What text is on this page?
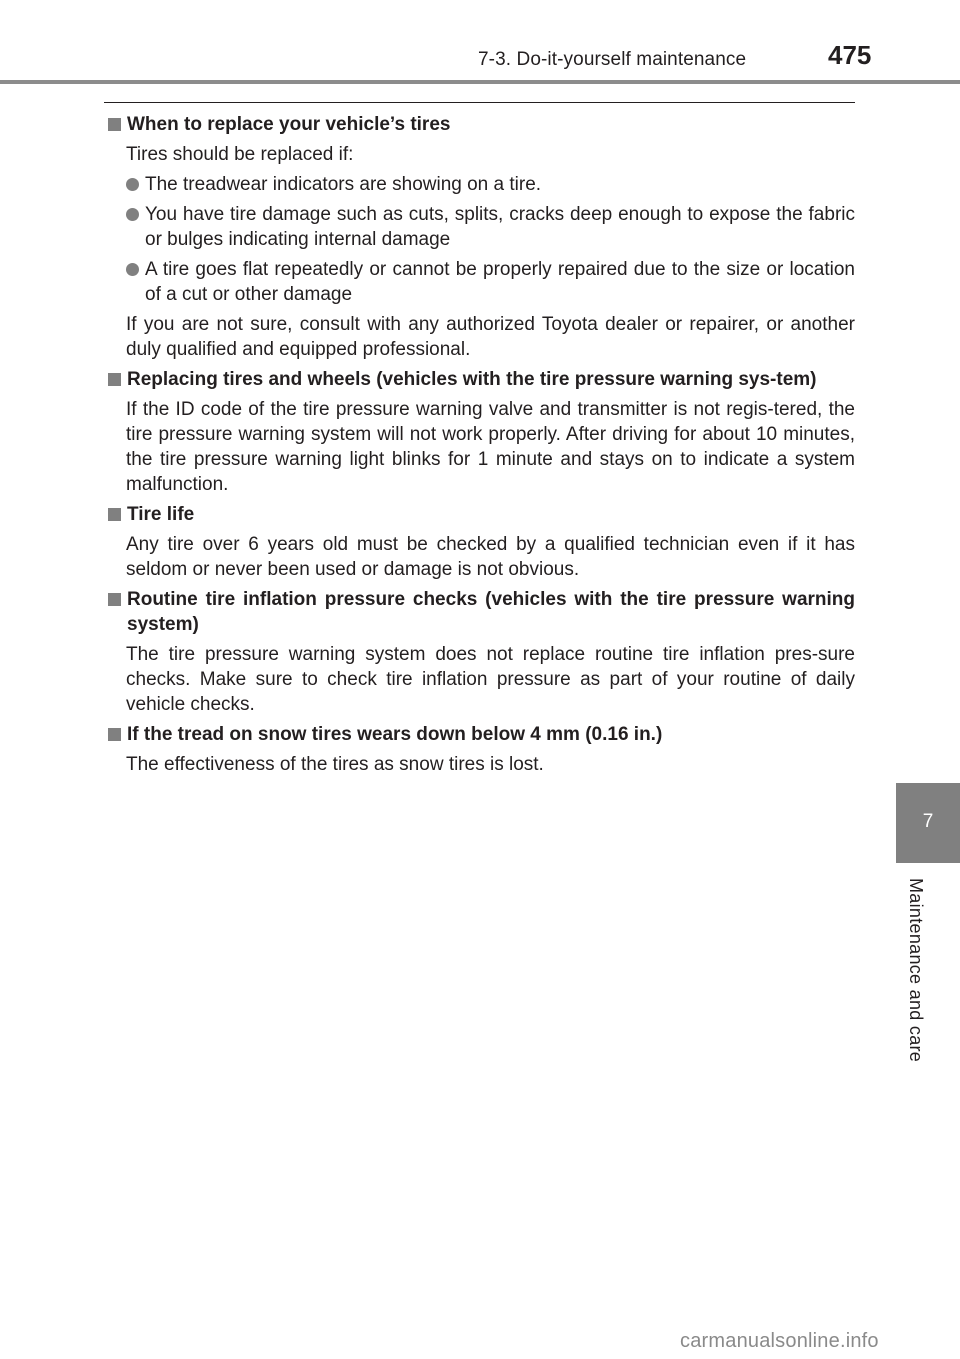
7-3. Do-it-yourself maintenance	475
7
Maintenance and care
When to replace your vehicle’s tires
Tires should be replaced if:
The treadwear indicators are showing on a tire.
You have tire damage such as cuts, splits, cracks deep enough to expose the fabric or bulges indicating internal damage
A tire goes flat repeatedly or cannot be properly repaired due to the size or location of a cut or other damage
If you are not sure, consult with any authorized Toyota dealer or repairer, or another duly qualified and equipped professional.
Replacing tires and wheels (vehicles with the tire pressure warning sys-tem)
If the ID code of the tire pressure warning valve and transmitter is not regis-tered, the tire pressure warning system will not work properly. After driving for about 10 minutes, the tire pressure warning light blinks for 1 minute and stays on to indicate a system malfunction.
Tire life
Any tire over 6 years old must be checked by a qualified technician even if it has seldom or never been used or damage is not obvious.
Routine tire inflation pressure checks (vehicles with the tire pressure warning system)
The tire pressure warning system does not replace routine tire inflation pres-sure checks. Make sure to check tire inflation pressure as part of your routine of daily vehicle checks.
If the tread on snow tires wears down below 4 mm (0.16 in.)
The effectiveness of the tires as snow tires is lost.
carmanualsonline.info
